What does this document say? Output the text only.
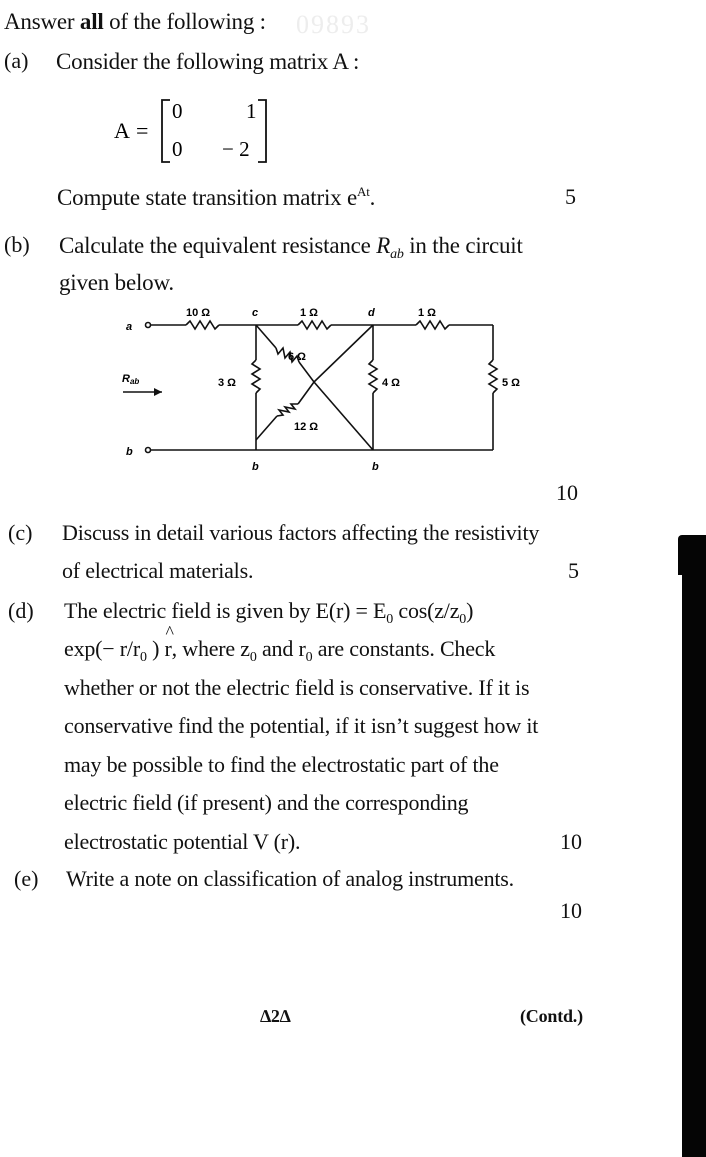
09893
Answer all of the following :
(a) Consider the following matrix A :
A =
0	1
0 − 2
Compute state transition matrix $e^{At}$.	5
(b) Calculate the equivalent resistance $R_{ab}$ in the circuit
given below.
a
b
c	d
b	b
Rab
10 Ω	1 Ω	1 Ω
6 Ω
3 Ω	4 Ω	5 Ω
12 Ω
10
(c) Discuss in detail various factors affecting the resistivity
of electrical materials.	5
(d) The electric field is given by $E(r) = E_0$ $\cos(z/z_0)$
$\exp(- r/r_0$ ) ^ r, where $z_0$ and $r_0$ are constants. Check
whether or not the electric field is conservative. If it is
conservative find the potential, if it isn’t suggest how it
may be possible to find the electrostatic part of the
electric field (if present) and the corresponding
electrostatic potential V (r).	10
(e) Write a note on classification of analog instruments.
10
∆2∆	(Contd.)
